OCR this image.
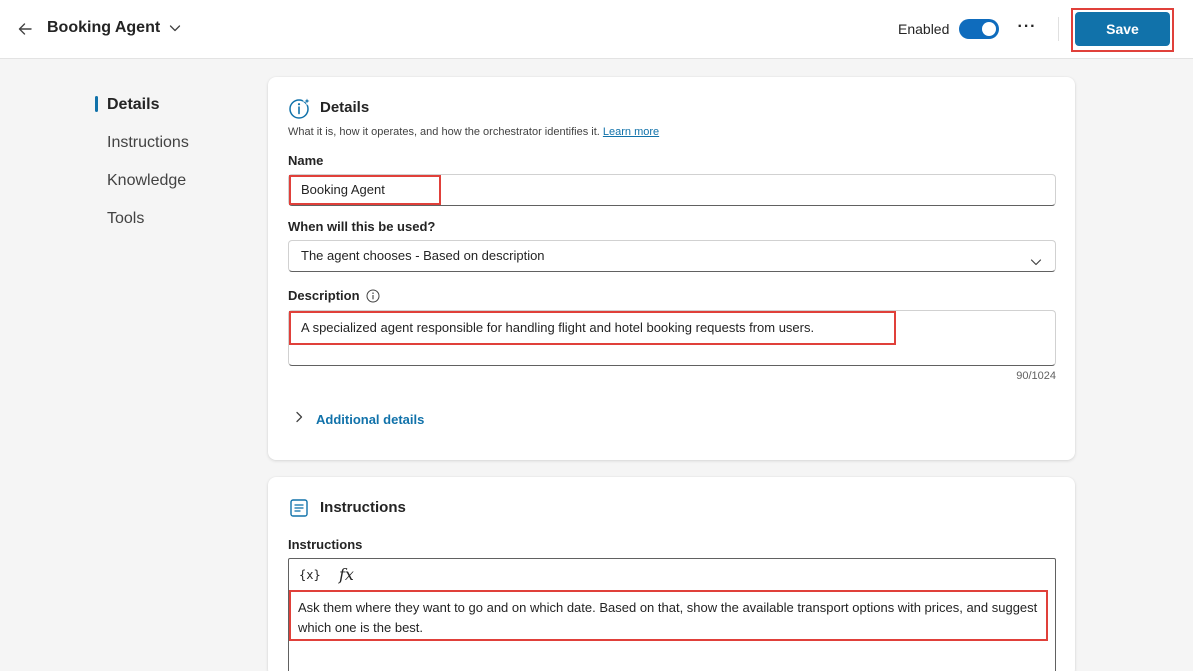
Booking Agent	Enabled	···	Save
Details
Instructions
Knowledge
Tools
Details
What it is, how it operates, and how the orchestrator identifies it. Learn more
Name
Booking Agent
When will this be used?
The agent chooses - Based on description
Description
A specialized agent responsible for handling flight and hotel booking requests from users.
90/1024
Additional details
Instructions
Instructions
{x} fx
Ask them where they want to go and on which date. Based on that, show the available transport options with prices, and suggest which one is the best.
